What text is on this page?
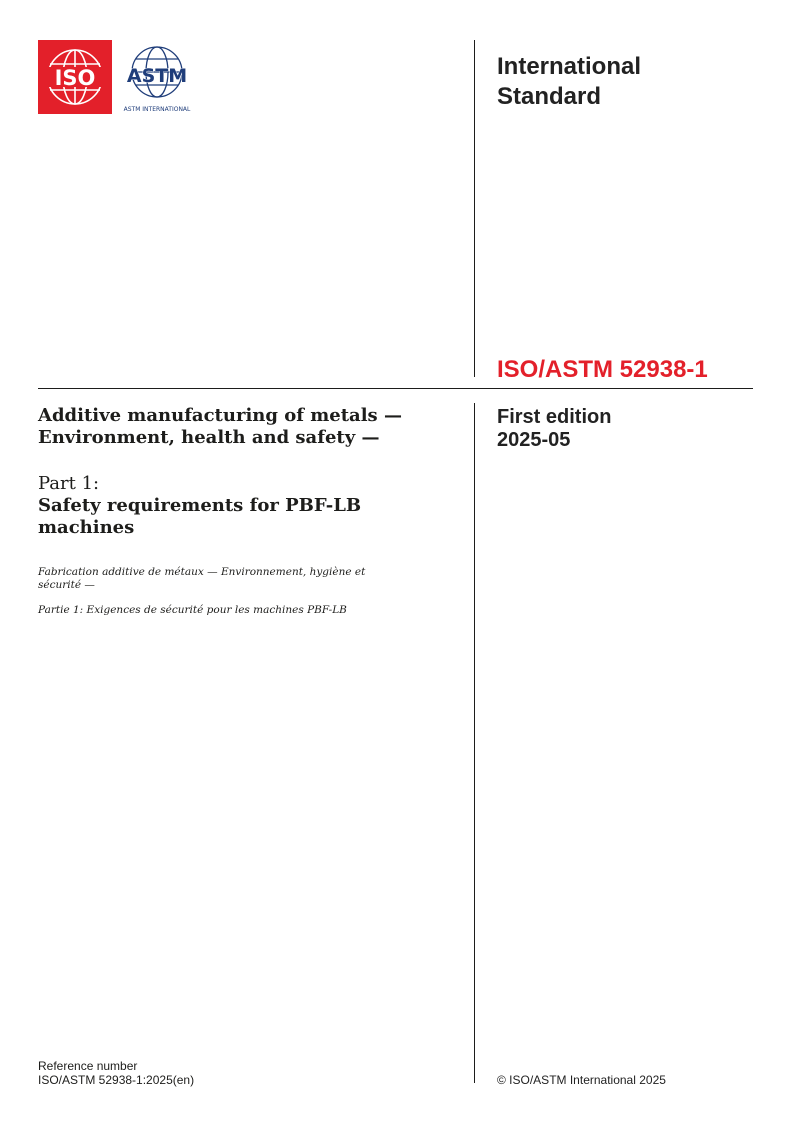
ISO ASTM
ASTM INTERNATIONAL
International
Standard
ISO/ASTM 52938-1
First edition
2025-05
Additive manufacturing of metals —
Environment, health and safety —
Part 1:
Safety requirements for PBF-LB
machines
Fabrication additive de métaux — Environnement, hygiène et
sécurité —
Partie 1: Exigences de sécurité pour les machines PBF-LB
Reference number
ISO/ASTM 52938-1:2025(en)	© ISO/ASTM International 2025
